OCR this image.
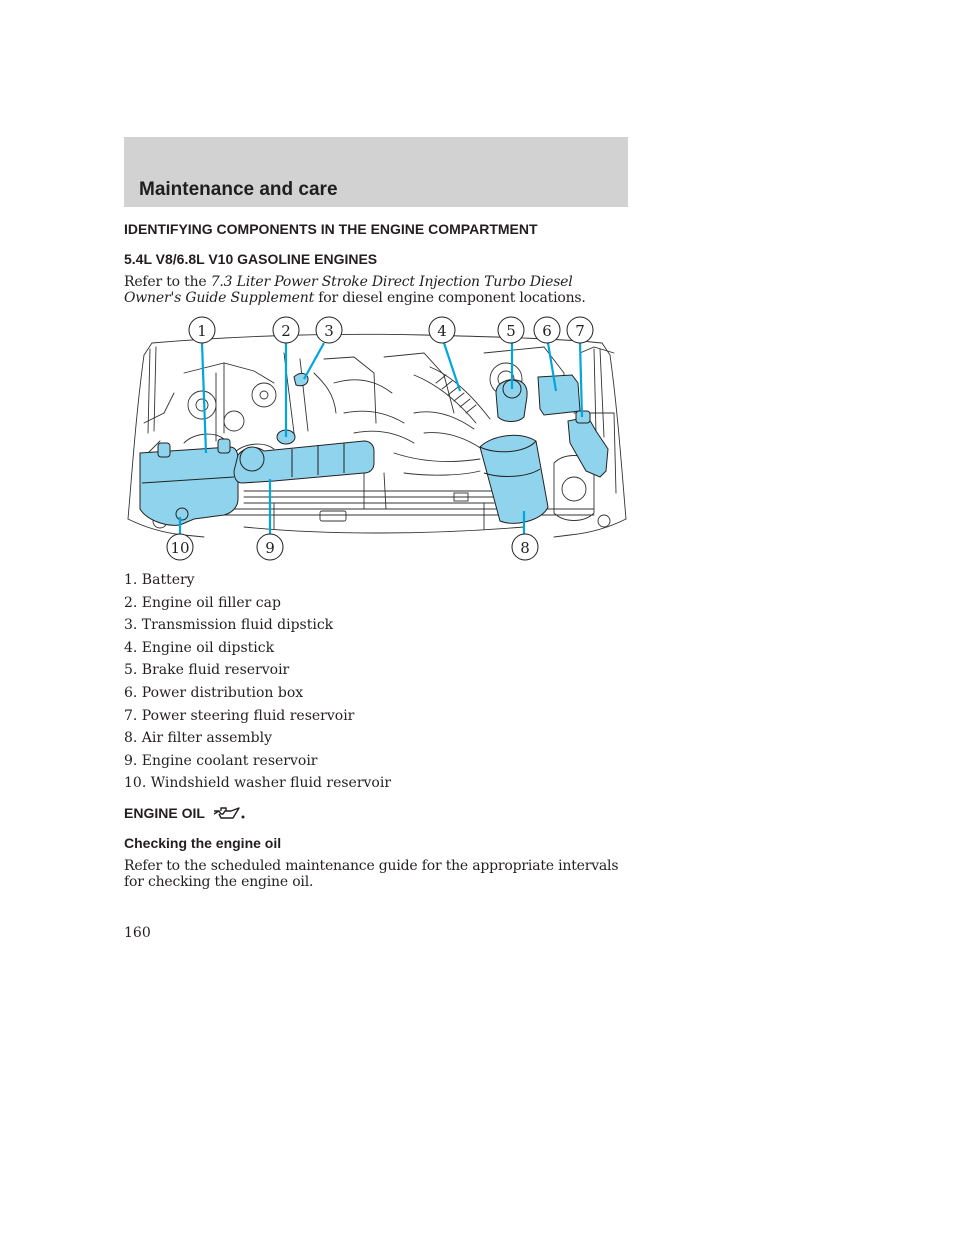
Maintenance and care
IDENTIFYING COMPONENTS IN THE ENGINE COMPARTMENT
5.4L V8/6.8L V10 GASOLINE ENGINES

Refer to the 7.3 Liter Power Stroke Direct Injection Turbo Diesel Owner's Guide Supplement for diesel engine component locations.

1	2 3	4	5 6 7
8
9
10
1. Battery
2. Engine oil filler cap
3. Transmission fluid dipstick
4. Engine oil dipstick
5. Brake fluid reservoir
6. Power distribution box
7. Power steering fluid reservoir
8. Air filter assembly
9. Engine coolant reservoir
10. Windshield washer fluid reservoir
ENGINE OIL
Checking the engine oil

Refer to the scheduled maintenance guide for the appropriate intervals for checking the engine oil.

160
